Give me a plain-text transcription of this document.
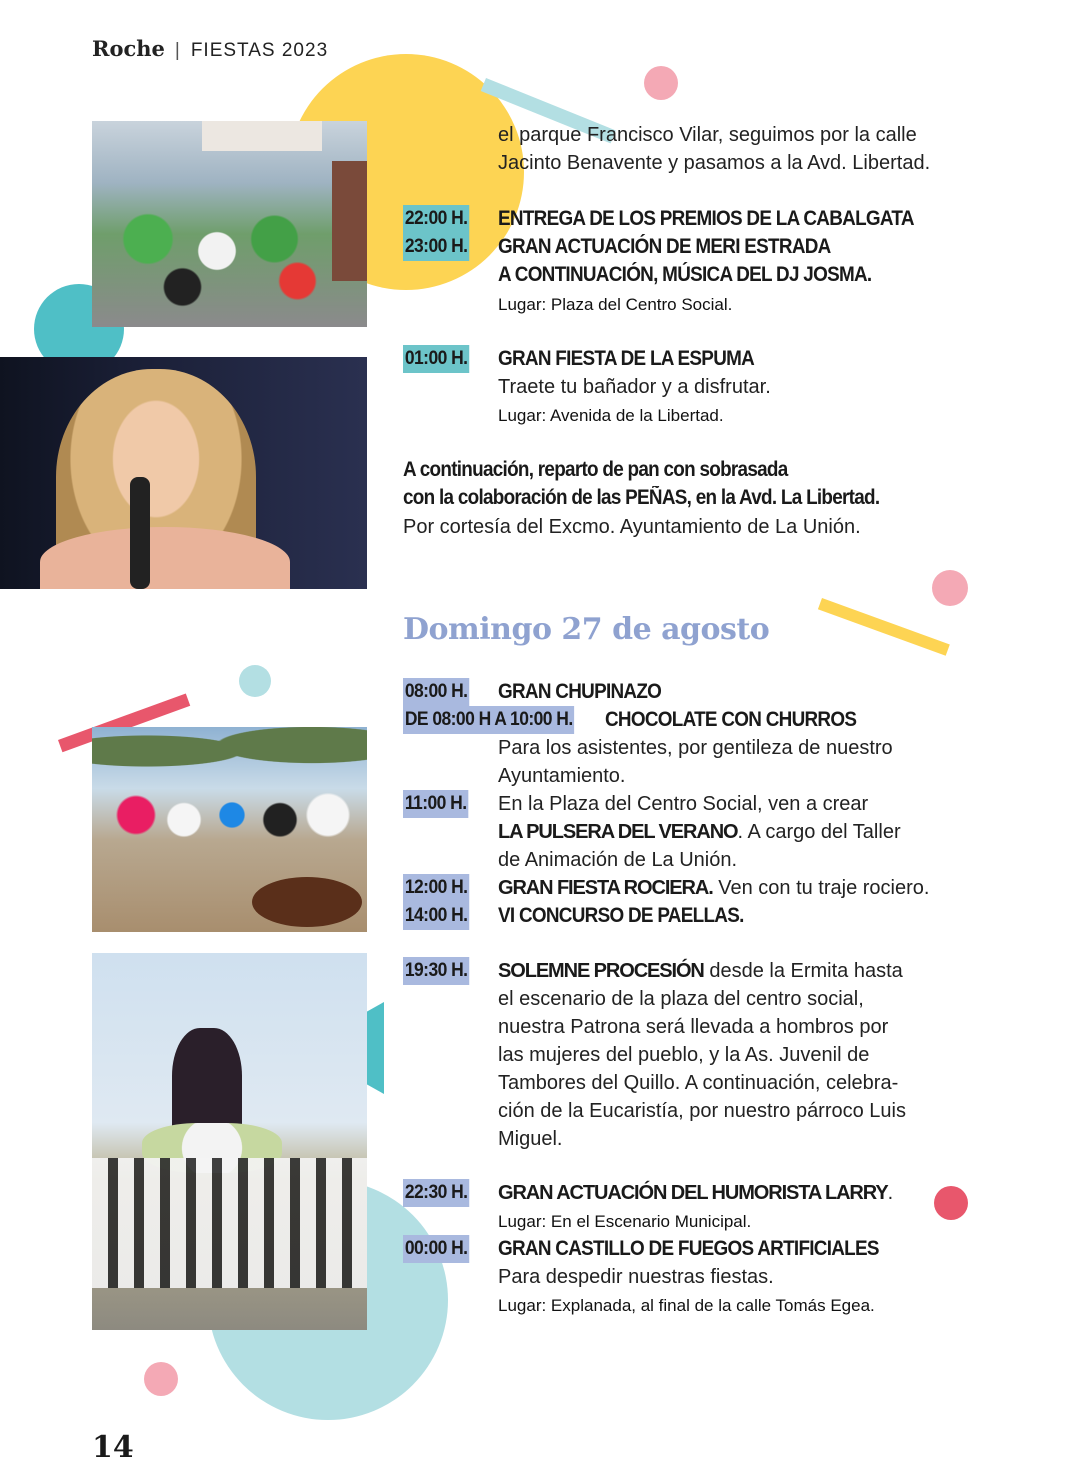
Roche | FIESTAS 2023
el parque Francisco Vilar, seguimos por la calle
Jacinto Benavente y pasamos a la Avd. Libertad.
22:00 H. ENTREGA DE LOS PREMIOS DE LA CABALGATA
23:00 H. GRAN ACTUACIÓN DE MERI ESTRADA
A CONTINUACIÓN, MÚSICA DEL DJ JOSMA.
Lugar: Plaza del Centro Social.
01:00 H. GRAN FIESTA DE LA ESPUMA
Traete tu bañador y a disfrutar.
Lugar: Avenida de la Libertad.
A continuación, reparto de pan con sobrasada
con la colaboración de las PEÑAS, en la Avd. La Libertad.
Por cortesía del Excmo. Ayuntamiento de La Unión.
Domingo 27 de agosto
08:00 H. GRAN CHUPINAZO
DE 08:00 H A 10:00 H. CHOCOLATE CON CHURROS
Para los asistentes, por gentileza de nuestro
Ayuntamiento.
11:00 H. En la Plaza del Centro Social, ven a crear
LA PULSERA DEL VERANO. A cargo del Taller
de Animación de La Unión.
12:00 H. GRAN FIESTA ROCIERA. Ven con tu traje rociero.
14:00 H. VI CONCURSO DE PAELLAS.
19:30 H. SOLEMNE PROCESIÓN desde la Ermita hasta
el escenario de la plaza del centro social,
nuestra Patrona será llevada a hombros por
las mujeres del pueblo, y la As. Juvenil de
Tambores del Quillo. A continuación, celebra-
ción de la Eucaristía, por nuestro párroco Luis
Miguel.
22:30 H. GRAN ACTUACIÓN DEL HUMORISTA LARRY.
Lugar: En el Escenario Municipal.
00:00 H. GRAN CASTILLO DE FUEGOS ARTIFICIALES
Para despedir nuestras fiestas.
Lugar: Explanada, al final de la calle Tomás Egea.
14
